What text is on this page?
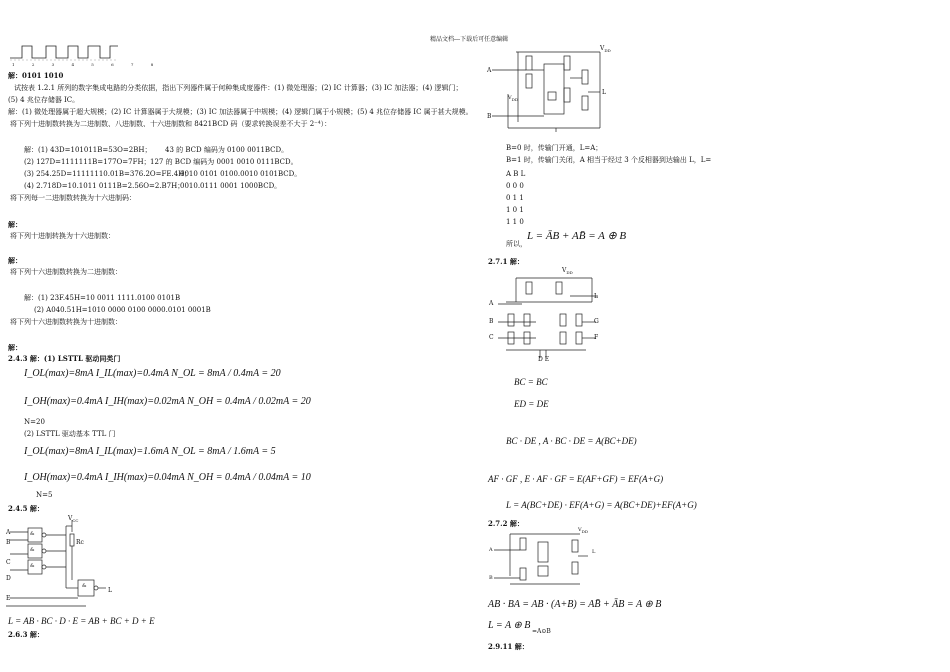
精品文档---下载后可任意编辑
1 2 3 4 5 6 7 8
解：0101 1010
试按表 1.2.1 所列的数字集成电路的分类依据，指出下列器件属于何种集成度器件：(1) 微处理器；(2) IC 计算器；(3) IC 加法器；(4) 逻辑门；
(5) 4 兆位存储器 IC。
解：(1) 微处理器属于超大规模；(2) IC 计算器属于大规模；(3) IC 加法器属于中规模；(4) 逻辑门属于小规模；(5) 4 兆位存储器 IC 属于甚大规模。
将下列十进制数转换为二进制数、八进制数、十六进制数和 8421BCD 码（要求转换误差不大于 2⁻⁴）：
解：(1) 43D=101011B=53O=2BH； 43 的 BCD 编码为 0100 0011BCD。
(2) 127D=1111111B=177O=7FH； 127 的 BCD 编码为 0001 0010 0111BCD。
(3) 254.25D=11111110.01B=376.2O=FE.4H；
0010 0101 0100.0010 0101BCD。
(4) 2.718D=10.1011 0111B=2.56O=2.B7H；
0010.0111 0001 1000BCD。
将下列每一二进制数转换为十六进制码：
解：
将下列十进制转换为十六进制数：
解：
将下列十六进制数转换为二进制数：
解：(1) 23F.45H=10 0011 1111.0100 0101B
(2) A040.51H=1010 0000 0100 0000.0101 0001B
将下列十六进制数转换为十进制数：
解：
2.4.3 解：(1) LSTTL 驱动同类门
I_OL(max)=8mA I_IL(max)=0.4mA N_OL = 8mA / 0.4mA = 20
I_OH(max)=0.4mA I_IH(max)=0.02mA N_OH = 0.4mA / 0.02mA = 20
N=20
(2) LSTTL 驱动基本 TTL 门
I_OL(max)=8mA I_IL(max)=1.6mA N_OL = 8mA / 1.6mA = 5
I_OH(max)=0.4mA I_IH(max)=0.04mA N_OH = 0.4mA / 0.04mA = 10
N=5
2.4.5 解：
$V_{CC}$
Rc
&
&
&
&
A
B
C
D
E
L
L = AB · BC · D · E = AB + BC + D + E
2.6.3 解：
$V_{DD}$
$V_{DD}$
A
B
L
B=0 时，传输门开通，L=A；
B=1 时，传输门关闭，A 相当于经过 3 个反相器到达输出 L，L=
A B L
0 0 0
0 1 1
1 0 1
1 1 0
所以，
L = ĀB + AB̄ = A ⊕ B
2.7.1 解：
$V_{DD}$
A
B
C
L
G
F
D E
BC = BC
ED = DE
BC · DE , A · BC · DE = A(BC+DE)
AF · GF , E · AF · GF = E(AF+GF) = EF(A+G)
L = A(BC+DE) · EF(A+G) = A(BC+DE)+EF(A+G)
2.7.2 解：
$V_{DD}$
A
B
L
AB · BA = AB · (A+B) = AB̄ + ĀB = A ⊕ B
L = A ⊕ B
=A⊙B
2.9.11 解：
